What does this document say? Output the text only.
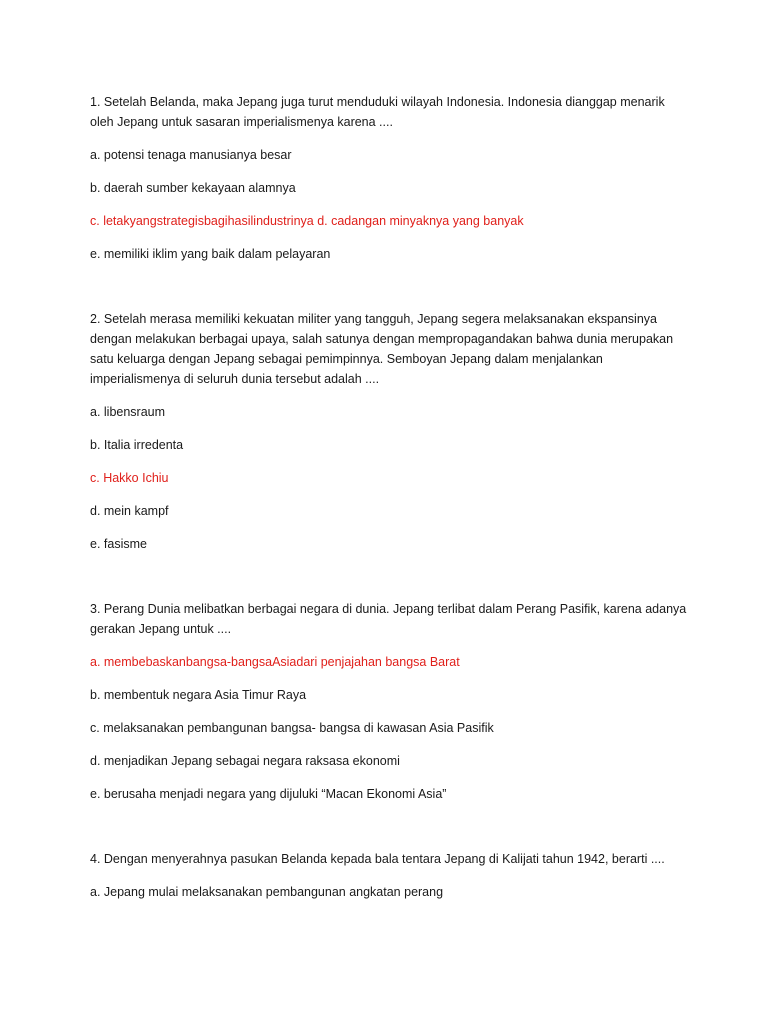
1. Setelah Belanda, maka Jepang juga turut menduduki wilayah Indonesia. Indonesia dianggap menarik oleh Jepang untuk sasaran imperialismenya karena ....

a. potensi tenaga manusianya besar

b. daerah sumber kekayaan alamnya

c. letakyangstrategisbagihasilindustrinya d. cadangan minyaknya yang banyak

e. memiliki iklim yang baik dalam pelayaran

2. Setelah merasa memiliki kekuatan militer yang tangguh, Jepang segera melaksanakan ekspansinya dengan melakukan berbagai upaya, salah satunya dengan mempropagandakan bahwa dunia merupakan satu keluarga dengan Jepang sebagai pemimpinnya. Semboyan Jepang dalam menjalankan imperialismenya di seluruh dunia tersebut adalah ....

a. libensraum

b. Italia irredenta

c. Hakko Ichiu

d. mein kampf

e. fasisme

3. Perang Dunia melibatkan berbagai negara di dunia. Jepang terlibat dalam Perang Pasifik, karena adanya gerakan Jepang untuk ....

a. membebaskanbangsa-bangsaAsiadari penjajahan bangsa Barat

b. membentuk negara Asia Timur Raya

c. melaksanakan pembangunan bangsa- bangsa di kawasan Asia Pasifik

d. menjadikan Jepang sebagai negara raksasa ekonomi

e. berusaha menjadi negara yang dijuluki “Macan Ekonomi Asia”

4. Dengan menyerahnya pasukan Belanda kepada bala tentara Jepang di Kalijati tahun 1942, berarti ....

a. Jepang mulai melaksanakan pembangunan angkatan perang
